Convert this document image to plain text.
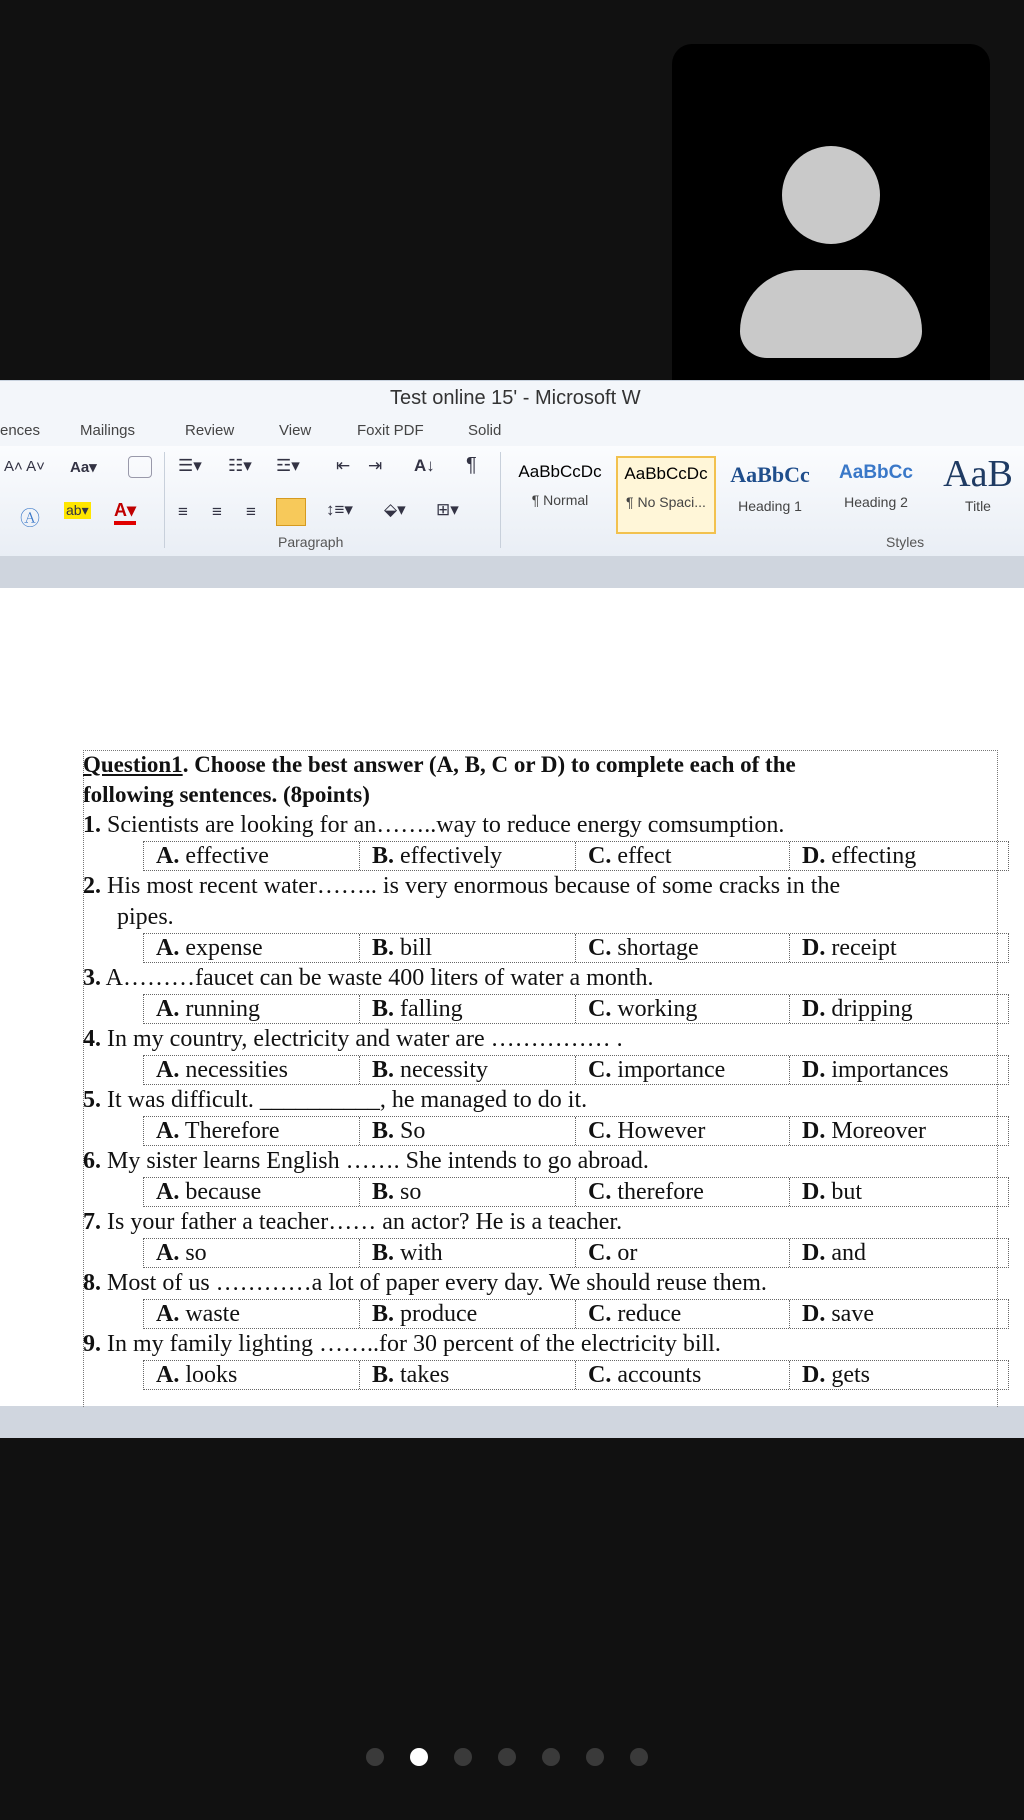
Test online 15' - Microsoft W
ences	Mailings	Review	View	Foxit PDF	Solid
A˄ A˅ Aa▾
Ⓐ ab▾ A▾
☰▾ ☷▾ ☲▾ ⇤ ⇥ A↓ ¶
≡ ≡ ≡	↕≡▾ ⬙▾ ⊞▾
Paragraph
AaBbCcDc
¶ Normal
AaBbCcDc
¶ No Spaci...
AaBbCc
Heading 1
AaBbCc
Heading 2
AaB
Title
Styles
Question1. Choose the best answer (A, B, C or D) to complete each of the
following sentences. (8points)
1. Scientists are looking for an……..way to reduce energy comsumption.
A. effective	B. effectively	C. effect	D. effecting
2. His most recent water…….. is very enormous because of some cracks in the
pipes.
A. expense	B. bill	C. shortage	D. receipt
3. A………faucet can be waste 400 liters of water a month.
A. running	B. falling	C. working	D. dripping
4. In my country, electricity and water are …………… .
A. necessities	B. necessity	C. importance	D. importances
5. It was difficult. __________, he managed to do it.
A. Therefore	B. So	C. However	D. Moreover
6. My sister learns English ……. She intends to go abroad.
A. because	B. so	C. therefore	D. but
7. Is your father a teacher…… an actor? He is a teacher.
A. so	B. with	C. or	D. and
8. Most of us …………a lot of paper every day. We should reuse them.
A. waste	B. produce	C. reduce	D. save
9. In my family lighting ……..for 30 percent of the electricity bill.
A. looks	B. takes	C. accounts	D. gets
